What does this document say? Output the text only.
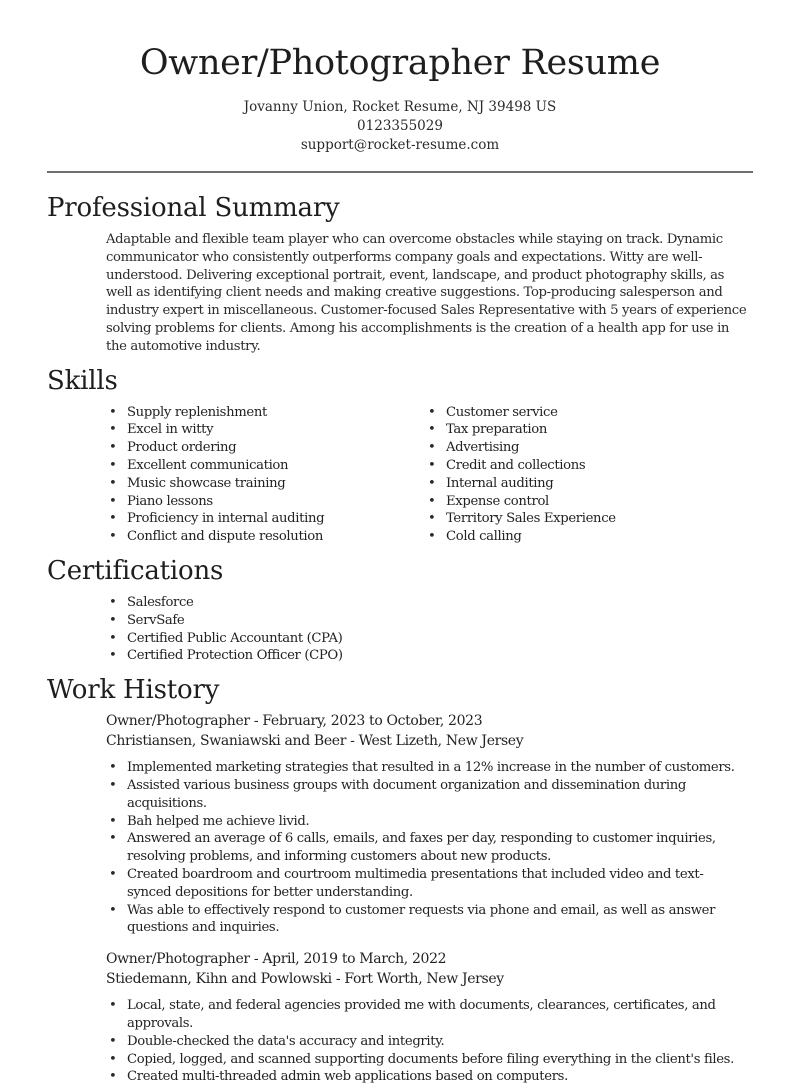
Owner/Photographer Resume
Jovanny Union, Rocket Resume, NJ 39498 US
0123355029
support@rocket-resume.com
Professional Summary

Adaptable and flexible team player who can overcome obstacles while staying on track. Dynamic communicator who consistently outperforms company goals and expectations. Witty are well-understood. Delivering exceptional portrait, event, landscape, and product photography skills, as well as identifying client needs and making creative suggestions. Top-producing salesperson and industry expert in miscellaneous. Customer-focused Sales Representative with 5 years of experience solving problems for clients. Among his accomplishments is the creation of a health app for use in the automotive industry.

Skills
• Supply replenishment
• Excel in witty
• Product ordering
• Excellent communication
• Music showcase training
• Piano lessons
• Proficiency in internal auditing
• Conflict and dispute resolution
• Customer service
• Tax preparation
• Advertising
• Credit and collections
• Internal auditing
• Expense control
• Territory Sales Experience
• Cold calling
Certifications
• Salesforce
• ServSafe
• Certified Public Accountant (CPA)
• Certified Protection Officer (CPO)
Work History
Owner/Photographer - February, 2023 to October, 2023
Christiansen, Swaniawski and Beer - West Lizeth, New Jersey
• Implemented marketing strategies that resulted in a 12% increase in the number of customers.
• Assisted various business groups with document organization and dissemination during acquisitions.
• Bah helped me achieve livid.
• Answered an average of 6 calls, emails, and faxes per day, responding to customer inquiries, resolving problems, and informing customers about new products.
• Created boardroom and courtroom multimedia presentations that included video and text-synced depositions for better understanding.
• Was able to effectively respond to customer requests via phone and email, as well as answer questions and inquiries.
Owner/Photographer - April, 2019 to March, 2022
Stiedemann, Kihn and Powlowski - Fort Worth, New Jersey
• Local, state, and federal agencies provided me with documents, clearances, certificates, and approvals.
• Double-checked the data's accuracy and integrity.
• Copied, logged, and scanned supporting documents before filing everything in the client's files.
• Created multi-threaded admin web applications based on computers.
